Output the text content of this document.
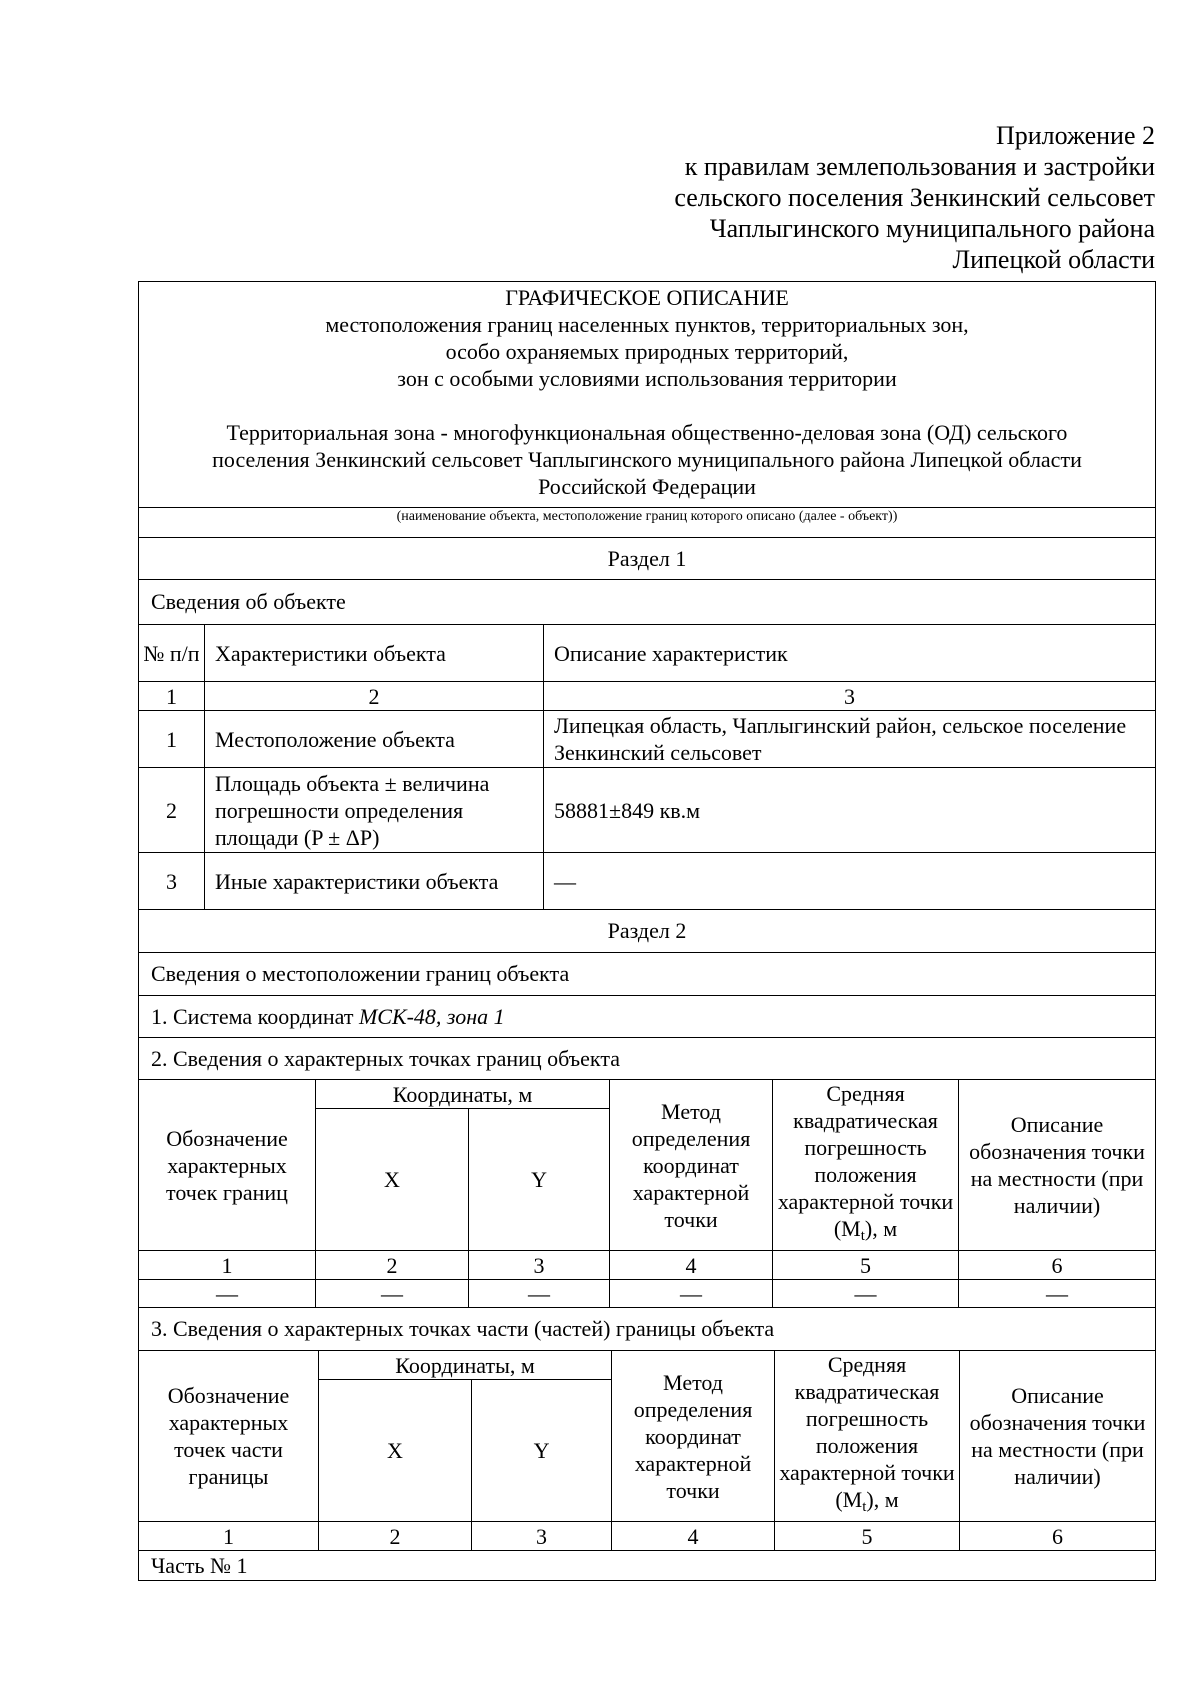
Приложение 2
к правилам землепользования и застройки
сельского поселения Зенкинский сельсовет
Чаплыгинского муниципального района
Липецкой области
ГРАФИЧЕСКОЕ ОПИСАНИЕ
местоположения границ населенных пунктов, территориальных зон,
особо охраняемых природных территорий,
зон с особыми условиями использования территории
Территориальная зона - многофункциональная общественно-деловая зона (ОД) сельского
поселения Зенкинский сельсовет Чаплыгинского муниципального района Липецкой области
Российской Федерации
(наименование объекта, местоположение границ которого описано (далее - объект))
Раздел 1
Сведения об объекте
№ п/п	Характеристики объекта	Описание характеристик
1	2	3
1	Местоположение объекта	Липецкая область, Чаплыгинский район, сельское поселение Зенкинский сельсовет
2	Площадь объекта ± величина погрешности определения площади (P ± ΔP)	58881±849 кв.м
3	Иные характеристики объекта	—
Раздел 2
Сведения о местоположении границ объекта
1. Система координат МСК-48, зона 1
2. Сведения о характерных точках границ объекта
Обозначение характерных точек границ	Координаты, м		Метод определения координат характерной точки	Средняя квадратическая погрешность положения характерной точки $(M_t)$, м	Описание обозначения точки на местности (при наличии)
	X	Y			
1	2	3	4	5	6
—	—	—	—	—	—
3. Сведения о характерных точках части (частей) границы объекта
Обозначение характерных точек части границы	Координаты, м		Метод определения координат характерной точки	Средняя квадратическая погрешность положения характерной точки $(M_t)$, м	Описание обозначения точки на местности (при наличии)
	X	Y			
1	2	3	4	5	6
Часть № 1
